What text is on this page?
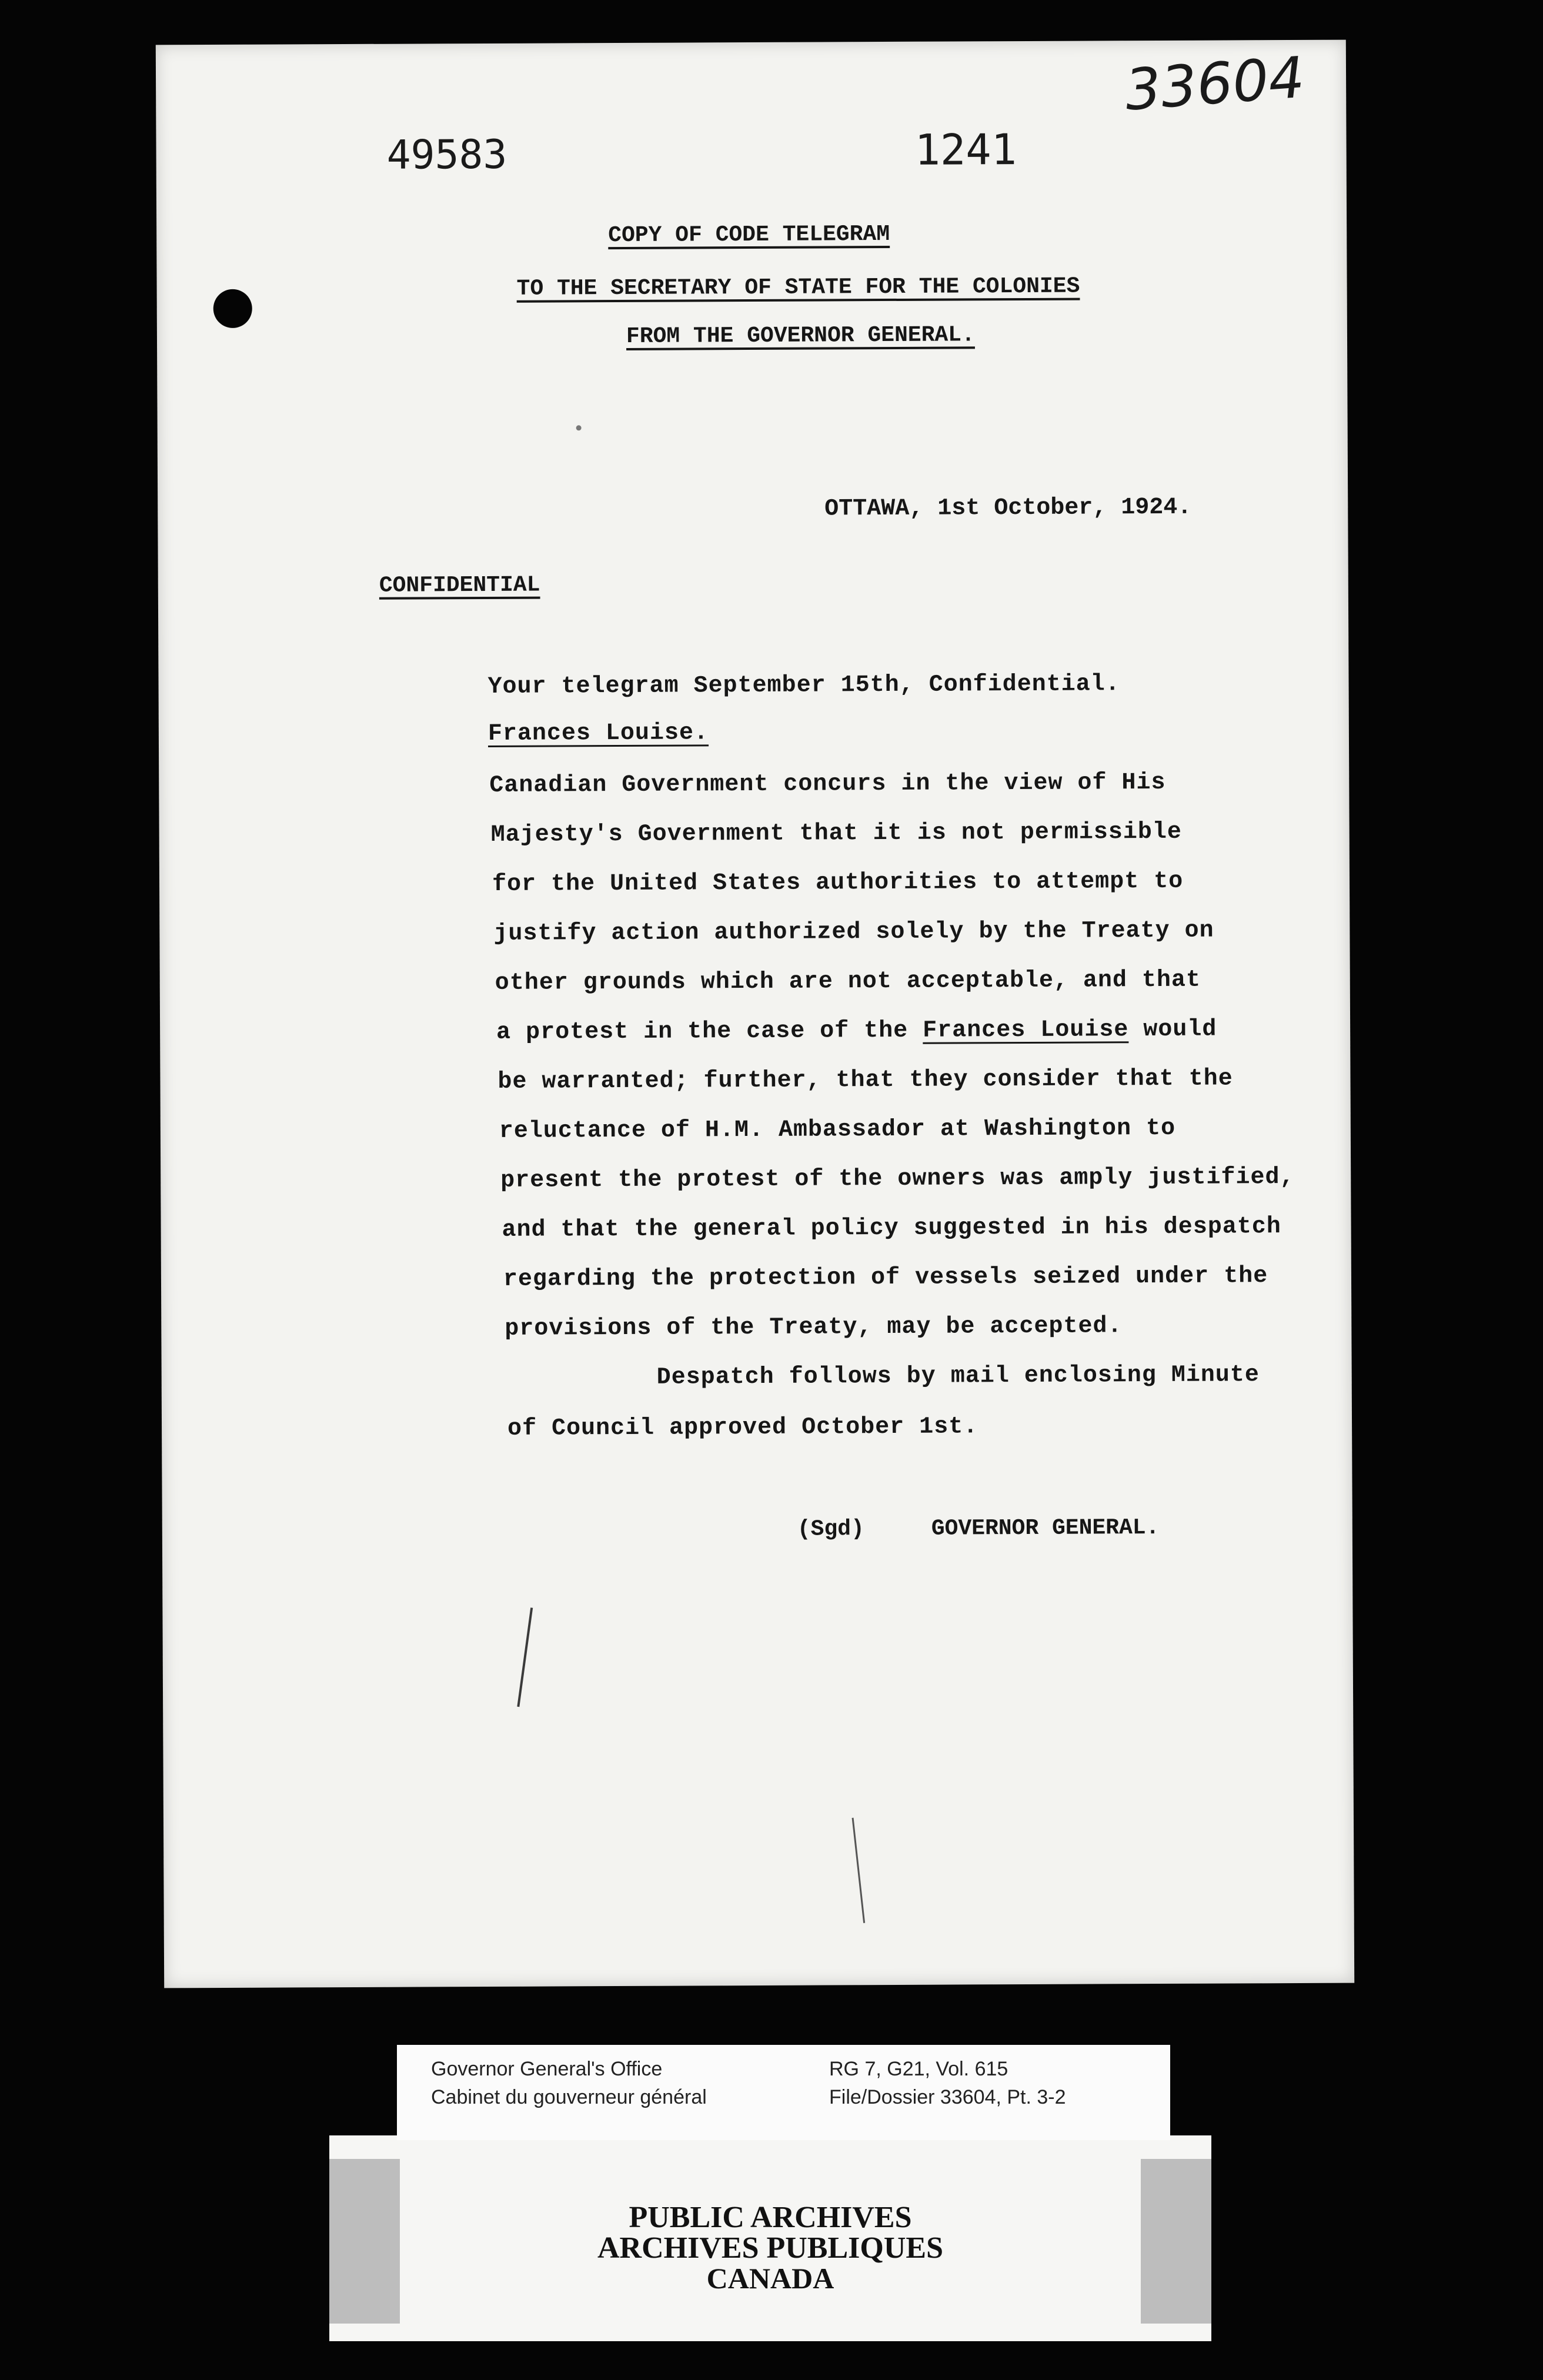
33604
49583	1241
COPY OF CODE TELEGRAM
TO THE SECRETARY OF STATE FOR THE COLONIES
FROM THE GOVERNOR GENERAL.
OTTAWA, 1st October, 1924.
CONFIDENTIAL
Your telegram September 15th, Confidential.
Frances Louise.
Canadian Government concurs in the view of His
Majesty's Government that it is not permissible
for the United States authorities to attempt to
justify action authorized solely by the Treaty on
other grounds which are not acceptable, and that
a protest in the case of the Frances Louise would
be warranted; further, that they consider that the
reluctance of H.M. Ambassador at Washington to
present the protest of the owners was amply justified,
and that the general policy suggested in his despatch
regarding the protection of vessels seized under the
provisions of the Treaty, may be accepted.
Despatch follows by mail enclosing Minute
of Council approved October 1st.
(Sgd)	GOVERNOR GENERAL.
PUBLIC ARCHIVES
ARCHIVES PUBLIQUES
CANADA
Governor General's Office
Cabinet du gouverneur général
RG 7, G21, Vol. 615
File/Dossier 33604, Pt. 3-2
